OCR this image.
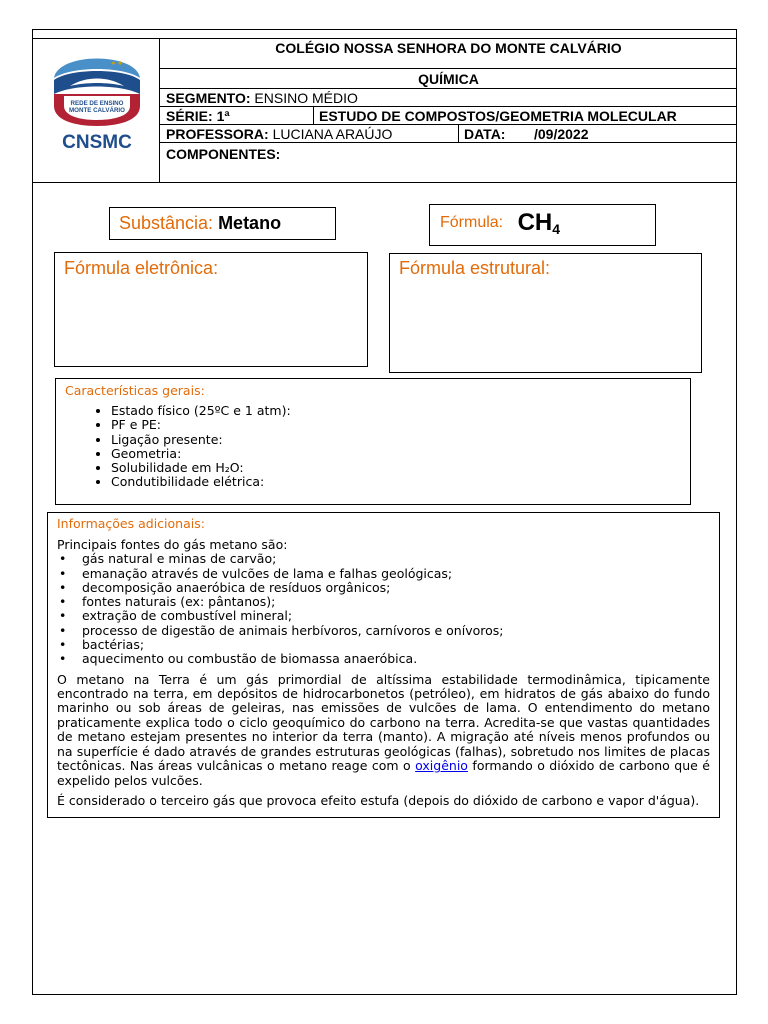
✦✦
REDE DE ENSINO
MONTE CALVÁRIO
CNSMC
COLÉGIO NOSSA SENHORA DO MONTE CALVÁRIO
QUÍMICA
SEGMENTO: ENSINO MÉDIO
SÉRIE: 1ª	ESTUDO DE COMPOSTOS/GEOMETRIA MOLECULAR
PROFESSORA: LUCIANA ARAÚJO	DATA: /09/2022
COMPONENTES:
Substância: Metano	Fórmula: $CH_4$
Fórmula eletrônica:	Fórmula estrutural:
Características gerais:
• Estado físico (25ºC e 1 atm):
• PF e PE:
• Ligação presente:
• Geometria:
• Solubilidade em H₂O:
• Condutibilidade elétrica:
Informações adicionais:
Principais fontes do gás metano são:
• gás natural e minas de carvão;
• emanação através de vulcões de lama e falhas geológicas;
• decomposição anaeróbica de resíduos orgânicos;
• fontes naturais (ex: pântanos);
• extração de combustível mineral;
• processo de digestão de animais herbívoros, carnívoros e onívoros;
• bactérias;
• aquecimento ou combustão de biomassa anaeróbica.

O metano na Terra é um gás primordial de altíssima estabilidade termodinâmica, tipicamente encontrado na terra, em depósitos de hidrocarbonetos (petróleo), em hidratos de gás abaixo do fundo marinho ou sob áreas de geleiras, nas emissões de vulcões de lama. O entendimento do metano praticamente explica todo o ciclo geoquímico do carbono na terra. Acredita-se que vastas quantidades de metano estejam presentes no interior da terra (manto). A migração até níveis menos profundos ou na superfície é dado através de grandes estruturas geológicas (falhas), sobretudo nos limites de placas tectônicas. Nas áreas vulcânicas o metano reage com o oxigênio formando o dióxido de carbono que é expelido pelos vulcões.

É considerado o terceiro gás que provoca efeito estufa (depois do dióxido de carbono e vapor d'água).
